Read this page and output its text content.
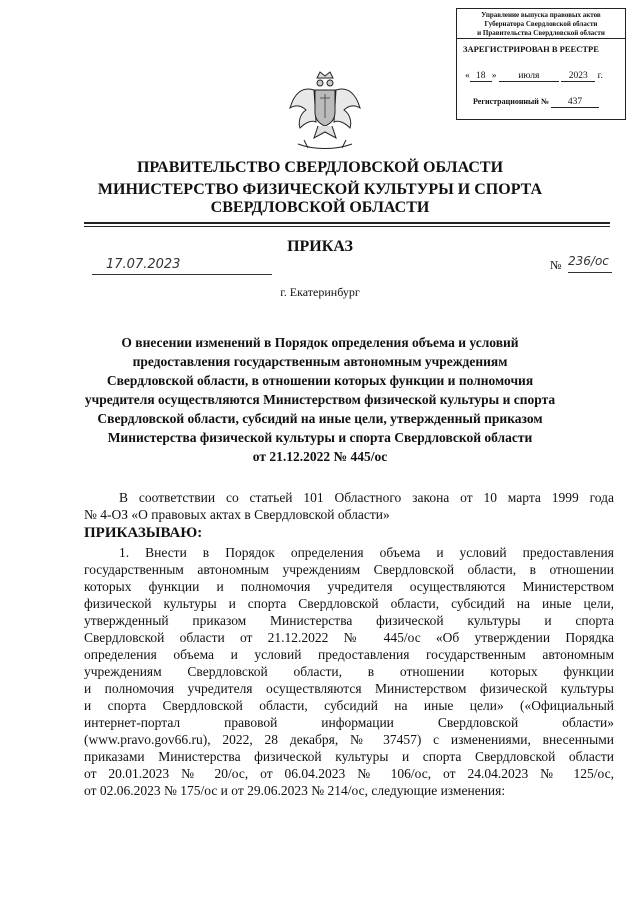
Управление выпуска правовых актов
Губернатора Свердловской области
и Правительства Свердловской области
ЗАРЕГИСТРИРОВАН В РЕЕСТРЕ
« 18 » июля	2023 г.
Регистрационный № 437
ПРАВИТЕЛЬСТВО СВЕРДЛОВСКОЙ ОБЛАСТИ
МИНИСТЕРСТВО ФИЗИЧЕСКОЙ КУЛЬТУРЫ И СПОРТА
СВЕРДЛОВСКОЙ ОБЛАСТИ
ПРИКАЗ
17.07.2023	№ 236/ос
г. Екатеринбург
О внесении изменений в Порядок определения объема и условий
предоставления государственным автономным учреждениям
Свердловской области, в отношении которых функции и полномочия
учредителя осуществляются Министерством физической культуры и спорта
Свердловской области, субсидий на иные цели, утвержденный приказом
Министерства физической культуры и спорта Свердловской области
от 21.12.2022 № 445/ос
В соответствии со статьей 101 Областного закона от 10 марта 1999 года
№ 4-ОЗ «О правовых актах в Свердловской области»
ПРИКАЗЫВАЮ:
1. Внести в Порядок определения объема и условий предоставления
государственным автономным учреждениям Свердловской области, в отношении
которых функции и полномочия учредителя осуществляются Министерством
физической культуры и спорта Свердловской области, субсидий на иные цели,
утвержденный приказом Министерства физической культуры и спорта
Свердловской области от 21.12.2022 № 445/ос «Об утверждении Порядка
определения объема и условий предоставления государственным автономным
учреждениям Свердловской области, в отношении которых функции
и полномочия учредителя осуществляются Министерством физической культуры
и спорта Свердловской области, субсидий на иные цели» («Официальный
интернет-портал правовой информации Свердловской области»
(www.pravo.gov66.ru), 2022, 28 декабря, № 37457) с изменениями, внесенными
приказами Министерства физической культуры и спорта Свердловской области
от 20.01.2023 № 20/ос, от 06.04.2023 № 106/ос, от 24.04.2023 № 125/ос,
от 02.06.2023 № 175/ос и от 29.06.2023 № 214/ос, следующие изменения:
